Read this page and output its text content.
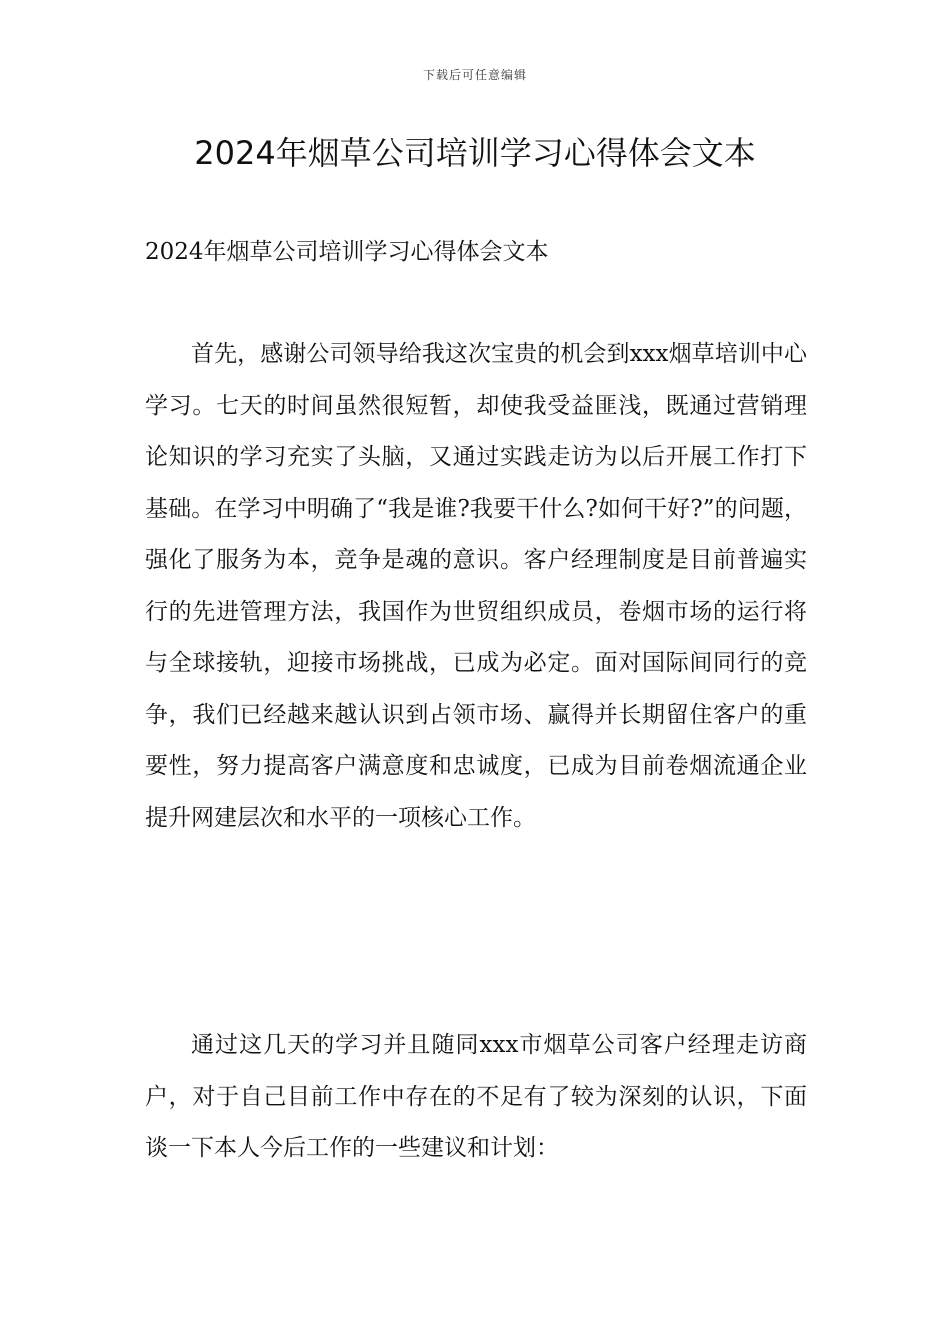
下载后可任意编辑
2024年烟草公司培训学习心得体会文本

2024年烟草公司培训学习心得体会文本

首先，感谢公司领导给我这次宝贵的机会到xxx烟草培训中心学习。七天的时间虽然很短暂，却使我受益匪浅，既通过营销理论知识的学习充实了头脑，又通过实践走访为以后开展工作打下基础。在学习中明确了“我是谁?我要干什么?如何干好?”的问题，强化了服务为本，竞争是魂的意识。客户经理制度是目前普遍实行的先进管理方法，我国作为世贸组织成员，卷烟市场的运行将与全球接轨，迎接市场挑战，已成为必定。面对国际间同行的竞争，我们已经越来越认识到占领市场、赢得并长期留住客户的重要性，努力提高客户满意度和忠诚度，已成为目前卷烟流通企业提升网建层次和水平的一项核心工作。

通过这几天的学习并且随同xxx市烟草公司客户经理走访商户，对于自己目前工作中存在的不足有了较为深刻的认识，下面谈一下本人今后工作的一些建议和计划：
